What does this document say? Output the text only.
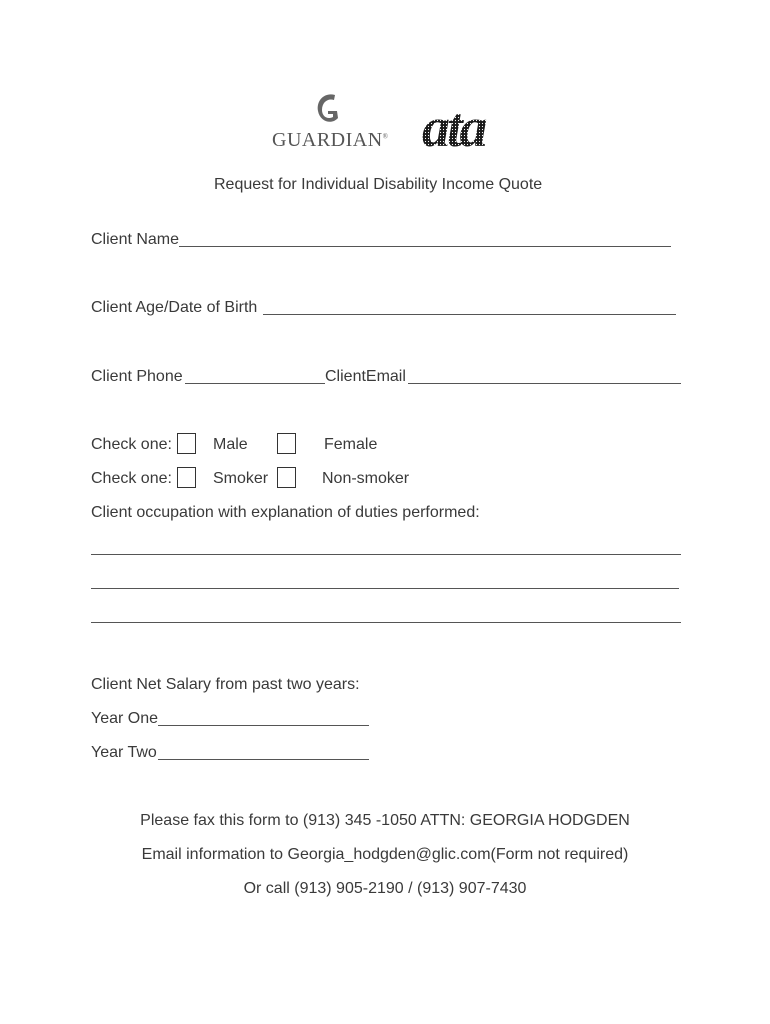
GUARDIAN® ata
Request for Individual Disability Income Quote
Client Name
Client Age/Date of Birth
Client Phone	ClientEmail
Check one:	Male	Female
Check one:	Smoker	Non-smoker
Client occupation with explanation of duties performed:
Client Net Salary from past two years:
Year One
Year Two
Please fax this form to (913) 345 -1050 ATTN: GEORGIA HODGDEN
Email information to Georgia_hodgden@glic.com(Form not required)
Or call (913) 905-2190 / (913) 907-7430
